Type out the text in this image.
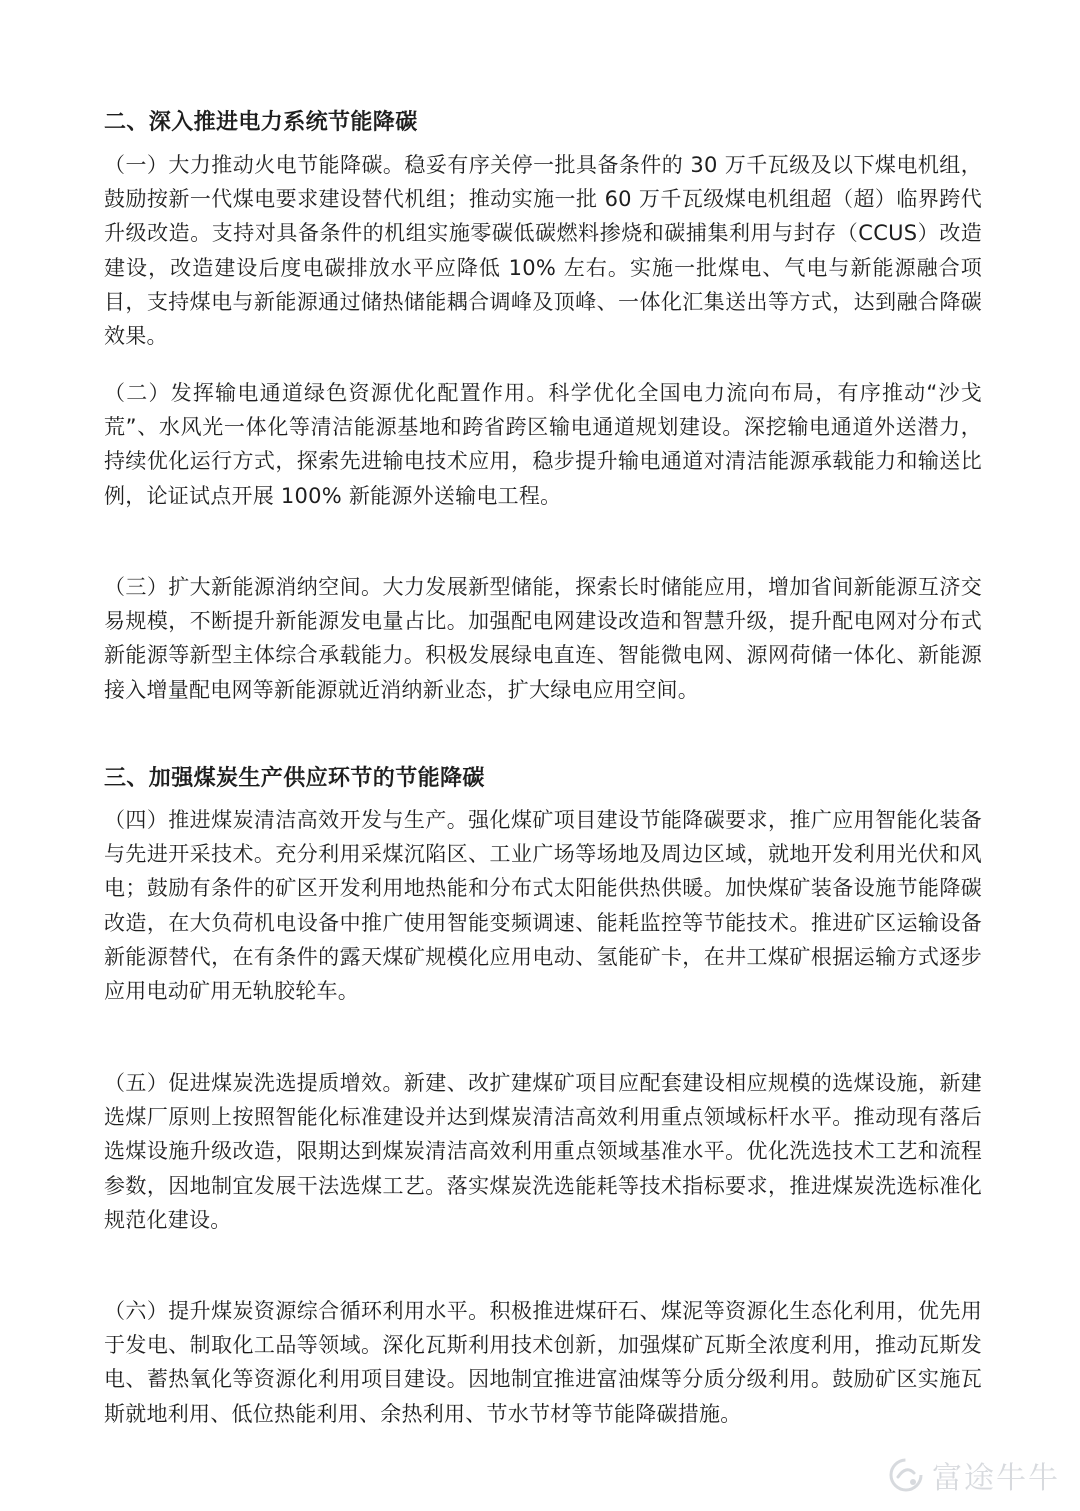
二、深入推进电力系统节能降碳

（一）大力推动火电节能降碳。稳妥有序关停一批具备条件的 30 万千瓦级及以下煤电机组，鼓励按新一代煤电要求建设替代机组；推动实施一批 60 万千瓦级煤电机组超（超）临界跨代升级改造。支持对具备条件的机组实施零碳低碳燃料掺烧和碳捕集利用与封存（CCUS）改造建设，改造建设后度电碳排放水平应降低 10% 左右。实施一批煤电、气电与新能源融合项目，支持煤电与新能源通过储热储能耦合调峰及顶峰、一体化汇集送出等方式，达到融合降碳效果。

（二）发挥输电通道绿色资源优化配置作用。科学优化全国电力流向布局，有序推动“沙戈荒”、水风光一体化等清洁能源基地和跨省跨区输电通道规划建设。深挖输电通道外送潜力，持续优化运行方式，探索先进输电技术应用，稳步提升输电通道对清洁能源承载能力和输送比例，论证试点开展 100% 新能源外送输电工程。

（三）扩大新能源消纳空间。大力发展新型储能，探索长时储能应用，增加省间新能源互济交易规模，不断提升新能源发电量占比。加强配电网建设改造和智慧升级，提升配电网对分布式新能源等新型主体综合承载能力。积极发展绿电直连、智能微电网、源网荷储一体化、新能源接入增量配电网等新能源就近消纳新业态，扩大绿电应用空间。

三、加强煤炭生产供应环节的节能降碳

（四）推进煤炭清洁高效开发与生产。强化煤矿项目建设节能降碳要求，推广应用智能化装备与先进开采技术。充分利用采煤沉陷区、工业广场等场地及周边区域，就地开发利用光伏和风电；鼓励有条件的矿区开发利用地热能和分布式太阳能供热供暖。加快煤矿装备设施节能降碳改造，在大负荷机电设备中推广使用智能变频调速、能耗监控等节能技术。推进矿区运输设备新能源替代，在有条件的露天煤矿规模化应用电动、氢能矿卡，在井工煤矿根据运输方式逐步应用电动矿用无轨胶轮车。

（五）促进煤炭洗选提质增效。新建、改扩建煤矿项目应配套建设相应规模的选煤设施，新建选煤厂原则上按照智能化标准建设并达到煤炭清洁高效利用重点领域标杆水平。推动现有落后选煤设施升级改造，限期达到煤炭清洁高效利用重点领域基准水平。优化洗选技术工艺和流程参数，因地制宜发展干法选煤工艺。落实煤炭洗选能耗等技术指标要求，推进煤炭洗选标准化规范化建设。

（六）提升煤炭资源综合循环利用水平。积极推进煤矸石、煤泥等资源化生态化利用，优先用于发电、制取化工品等领域。深化瓦斯利用技术创新，加强煤矿瓦斯全浓度利用，推动瓦斯发电、蓄热氧化等资源化利用项目建设。因地制宜推进富油煤等分质分级利用。鼓励矿区实施瓦斯就地利用、低位热能利用、余热利用、节水节材等节能降碳措施。

富途牛牛
